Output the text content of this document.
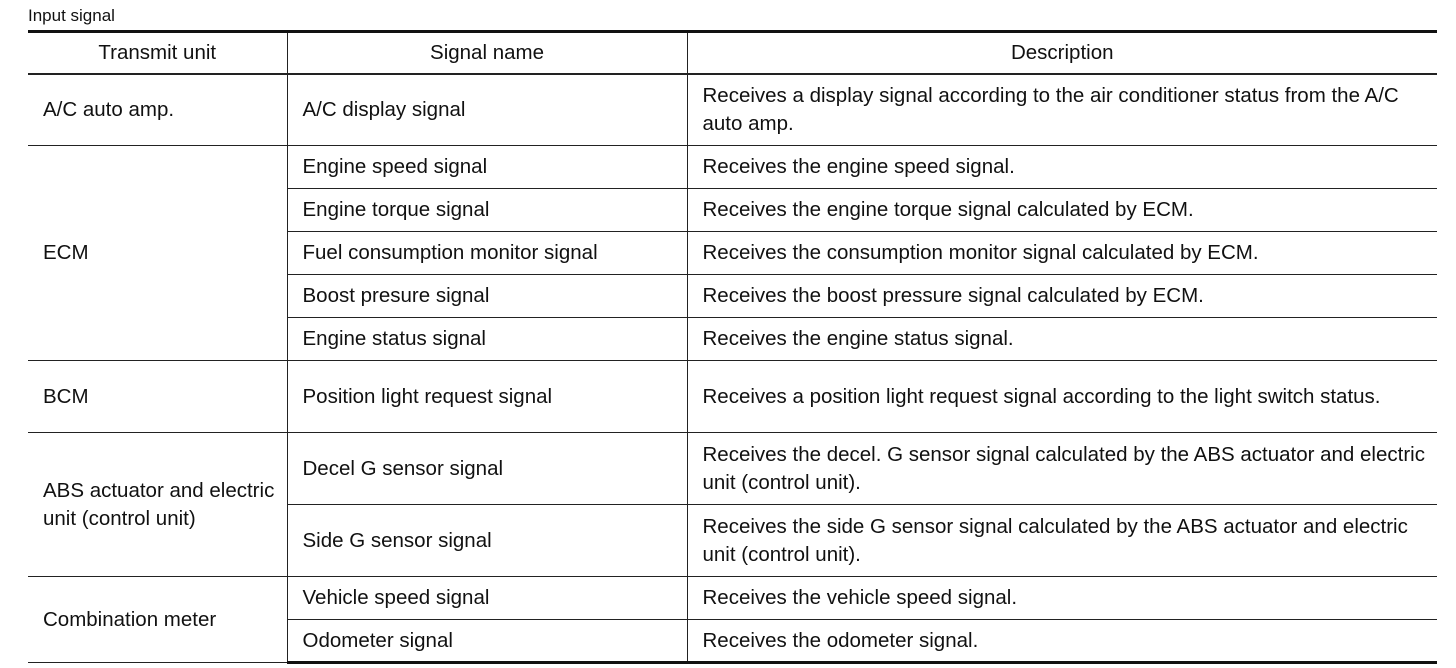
Input signal
Transmit unit	Signal name	Description
A/C auto amp.	A/C display signal	Receives a display signal according to the air conditioner status from the A/C auto amp.
ECM	Engine speed signal	Receives the engine speed signal.
	Engine torque signal	Receives the engine torque signal calculated by ECM.
	Fuel consumption monitor signal	Receives the consumption monitor signal calculated by ECM.
	Boost presure signal	Receives the boost pressure signal calculated by ECM.
	Engine status signal	Receives the engine status signal.
BCM	Position light request signal	Receives a position light request signal according to the light switch status.
ABS actuator and electric unit (control unit)	Decel G sensor signal	Receives the decel. G sensor signal calculated by the ABS actuator and electric unit (control unit).
	Side G sensor signal	Receives the side G sensor signal calculated by the ABS actuator and electric unit (control unit).
Combination meter	Vehicle speed signal	Receives the vehicle speed signal.
	Odometer signal	Receives the odometer signal.
